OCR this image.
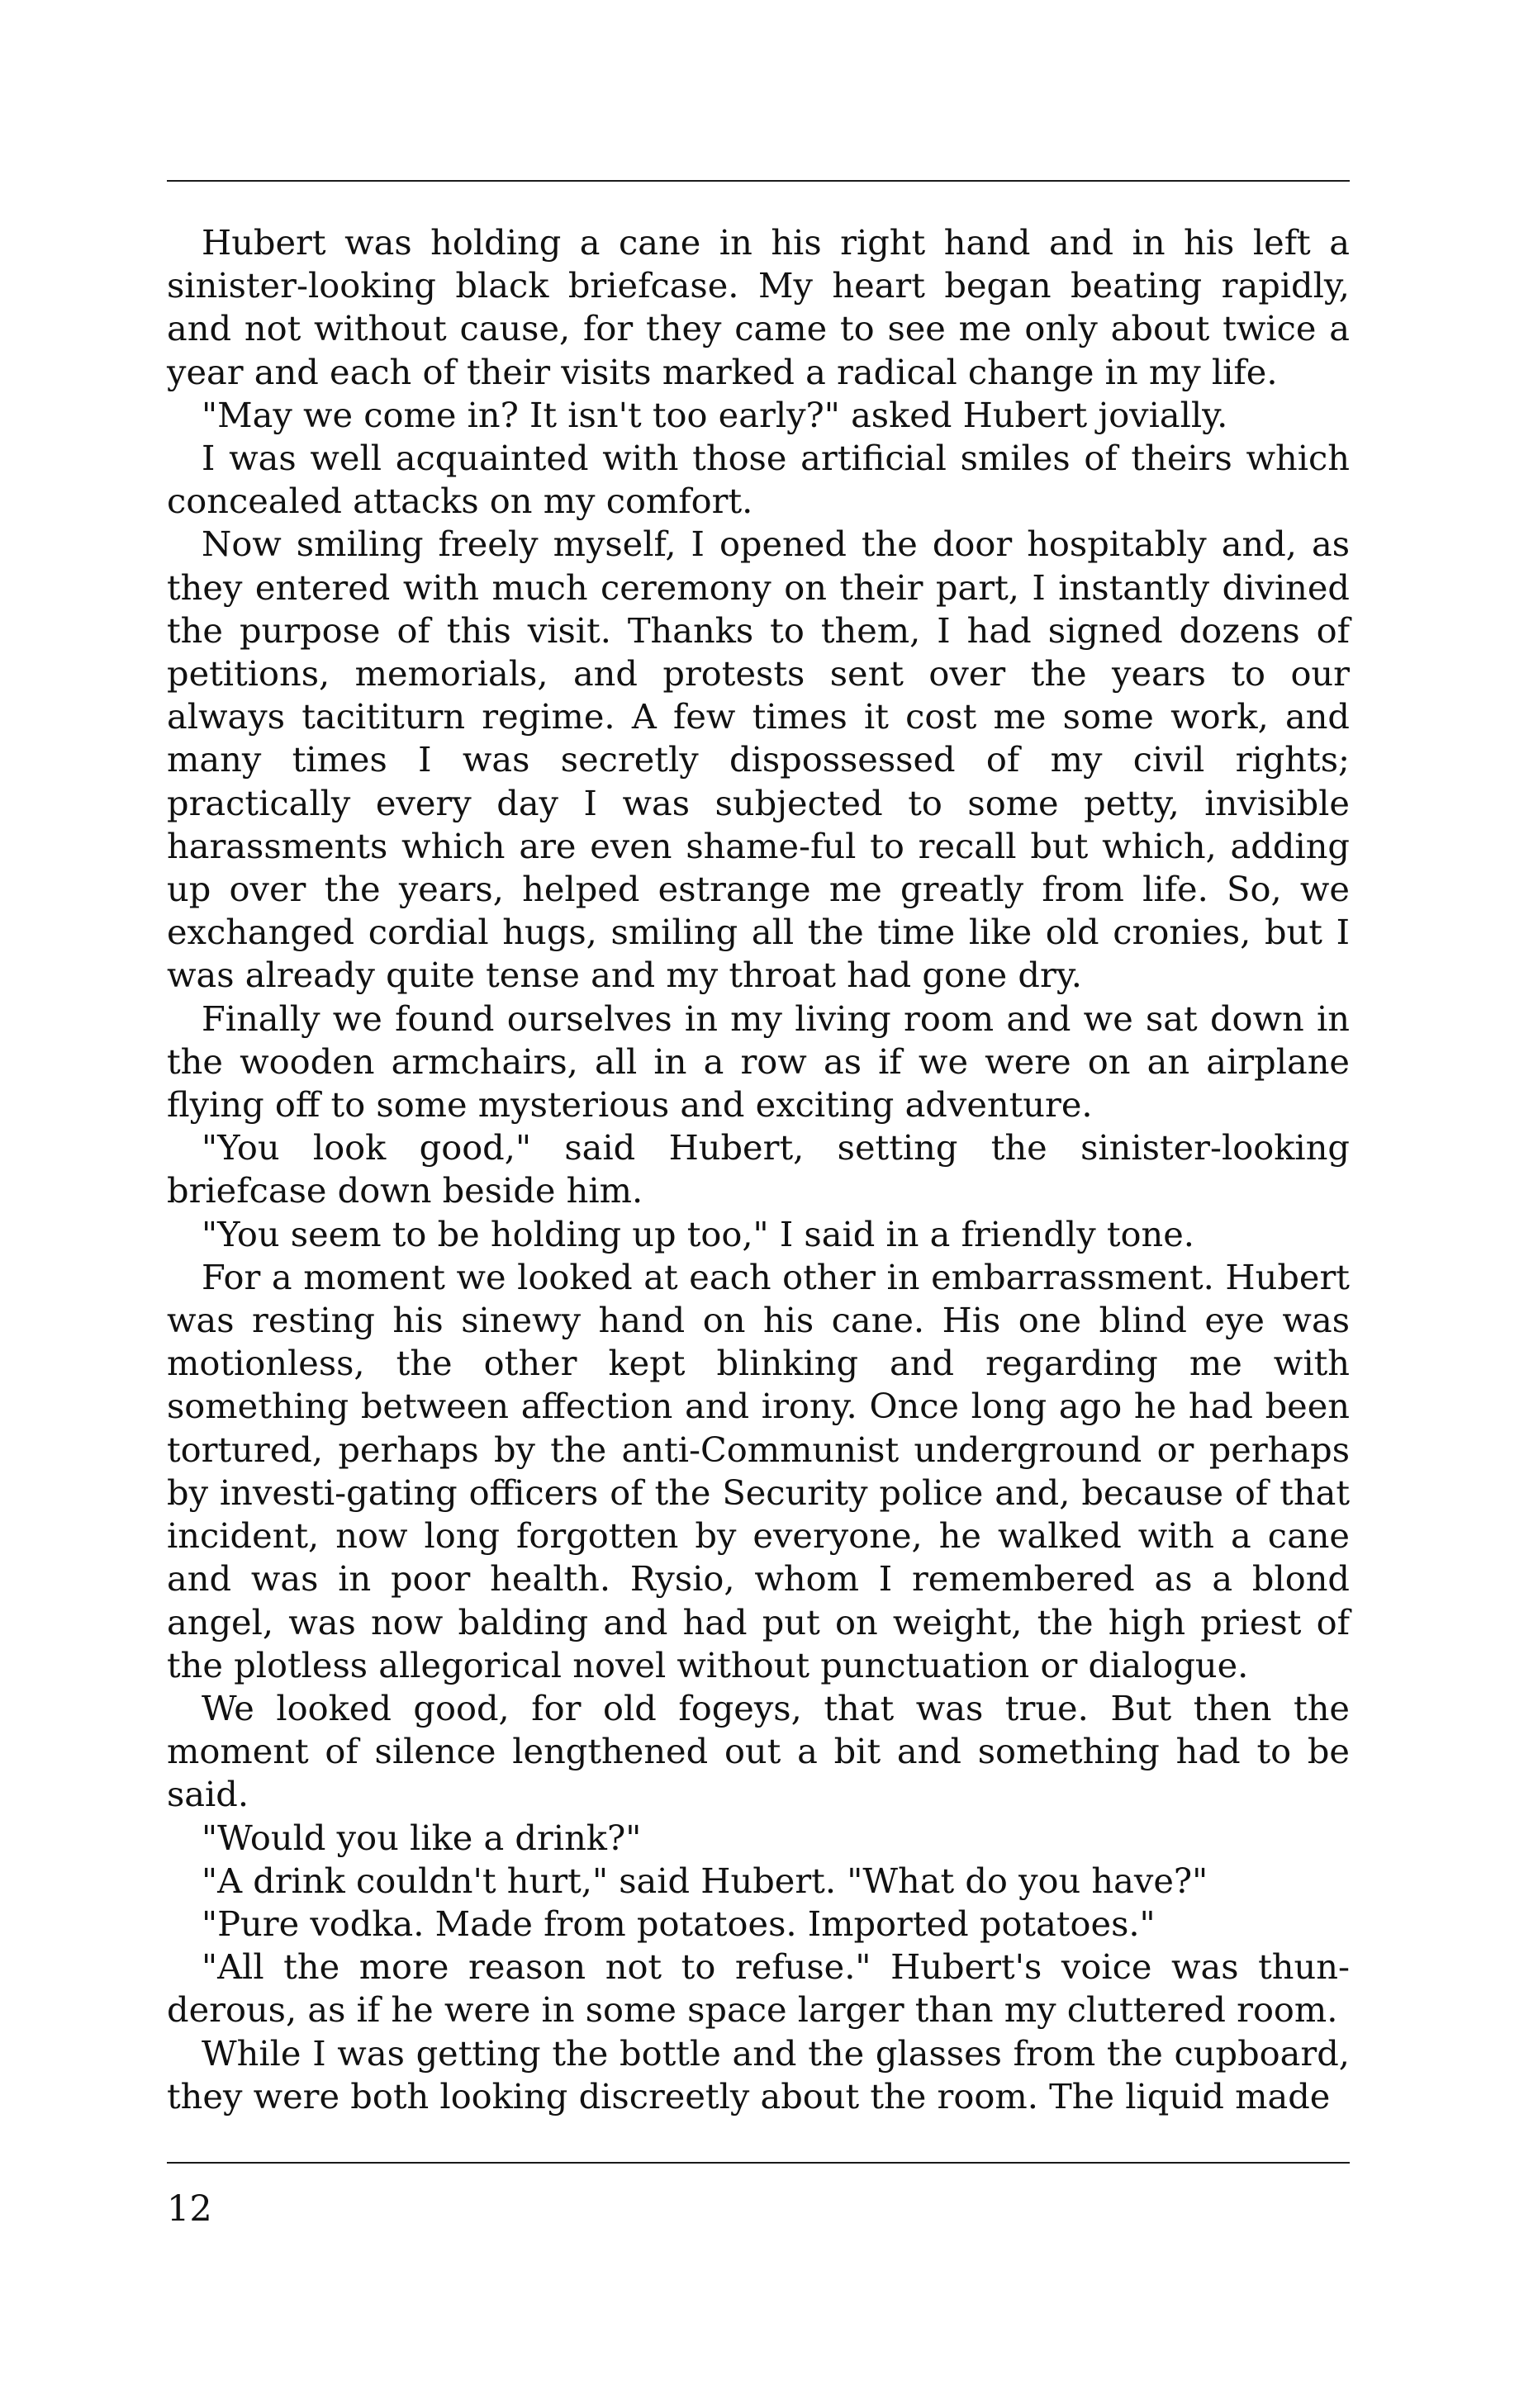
Hubert was holding a cane in his right hand and in his left a sinister-looking black briefcase. My heart began beating rapidly, and not without cause, for they came to see me only about twice a year and each of their visits marked a radical change in my life.

"May we come in? It isn't too early?" asked Hubert jovially.

I was well acquainted with those artificial smiles of theirs which concealed attacks on my comfort.

Now smiling freely myself, I opened the door hospitably and, as they entered with much ceremony on their part, I instantly divined the purpose of this visit. Thanks to them, I had signed dozens of petitions, memorials, and protests sent over the years to our always tacititurn regime. A few times it cost me some work, and many times I was secretly dispossessed of my civil rights; practically every day I was subjected to some petty, invisible harassments which are even shame-ful to recall but which, adding up over the years, helped estrange me greatly from life. So, we exchanged cordial hugs, smiling all the time like old cronies, but I was already quite tense and my throat had gone dry.

Finally we found ourselves in my living room and we sat down in the wooden armchairs, all in a row as if we were on an airplane flying off to some mysterious and exciting adventure.

"You look good," said Hubert, setting the sinister-looking briefcase down beside him.

"You seem to be holding up too," I said in a friendly tone.

For a moment we looked at each other in embarrassment. Hubert was resting his sinewy hand on his cane. His one blind eye was motionless, the other kept blinking and regarding me with something between affection and irony. Once long ago he had been tortured, perhaps by the anti-Communist underground or perhaps by investi-gating officers of the Security police and, because of that incident, now long forgotten by everyone, he walked with a cane and was in poor health. Rysio, whom I remembered as a blond angel, was now balding and had put on weight, the high priest of the plotless allegorical novel without punctuation or dialogue.

We looked good, for old fogeys, that was true. But then the moment of silence lengthened out a bit and something had to be said.

"Would you like a drink?"

"A drink couldn't hurt," said Hubert. "What do you have?"

"Pure vodka. Made from potatoes. Imported potatoes."

"All the more reason not to refuse." Hubert's voice was thun-derous, as if he were in some space larger than my cluttered room.

While I was getting the bottle and the glasses from the cupboard, they were both looking discreetly about the room. The liquid made

12
